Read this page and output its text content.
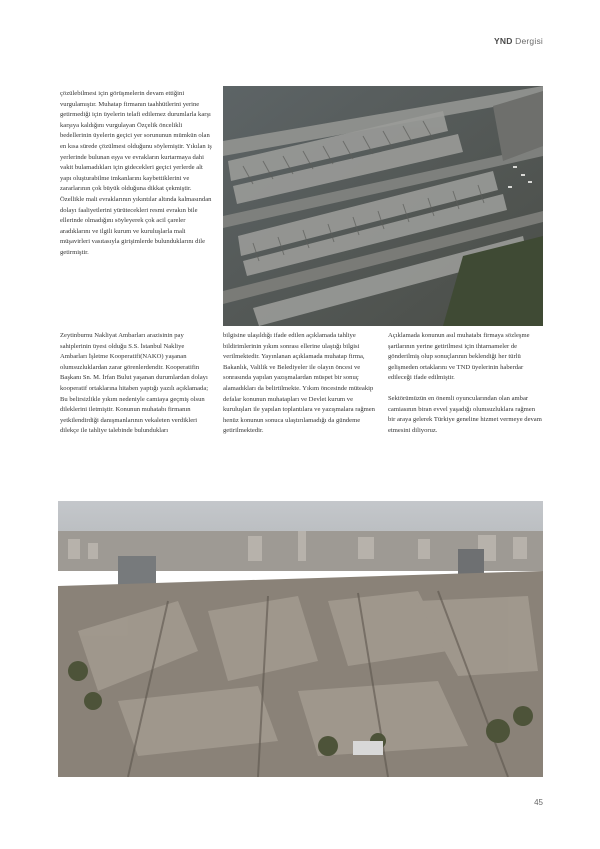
YND Dergisi

çözülebilmesi için görüşmelerin devam ettiğini vurgulamıştır. Muhatap firmanın taahhütlerini yerine getirmediği için üyelerin telafi edilemez durumlarla karşı karşıya kaldığını vurgulayan Özçelik öncelikli bedellerinin üyelerin geçici yer sorununun mümkün olan en kısa sürede çözülmesi olduğunu söylemiştir. Yıkılan iş yerlerinde bulunan eşya ve evrakların kurtarmaya dahi vakit bulamadıkları için gidecekleri geçici yerlerde alt yapı oluşturabilme imkanlarını kaybettiklerini ve zararlarının çok büyük olduğuna dikkat çekmiştir. Özellikle mali evraklarının yıkıntılar altında kalmasından dolayı faaliyetlerini yürütecekleri resmi evrakın bile ellerinde olmadığını söyleyerek çok acil çareler aradıklarını ve ilgili kurum ve kuruluşlarla mali müşavirleri vasıtasıyla girişimlerde bulunduklarını dile getirmiştir.

Zeytinburnu Nakliyat Ambarları arazisinin pay sahiplerinin üyesi olduğu S.S. İstanbul Nakliye Ambarları İşletme Kooperatifi(NAKO) yaşanan olumsuzluklardan zarar görenlerdendir. Kooperatifin Başkanı Sn. M. İrfan Bulut yaşanan durumlardan dolayı kooperatif ortaklarına hitaben yaptığı yazılı açıklamada; Bu belirsizlikle yıkım nedeniyle camiaya geçmiş olsun dileklerini iletmiştir. Konunun muhatabı firmanın yetkilendirdiği danışmanlarının vekaleten verdikleri dilekçe ile tahliye talebinde bulundukları

bilgisine ulaşıldığı ifade edilen açıklamada tahliye bildirimlerinin yıkım sonrası ellerine ulaştığı bilgisi verilmektedir. Yayınlanan açıklamada muhatap firma, Bakanlık, Valilik ve Belediyeler ile olayın öncesi ve sonrasında yapılan yazışmalardan müspet bir sonuç alamadıkları da belirtilmekte. Yıkım öncesinde müteakip defalar konunun muhatapları ve Devlet kurum ve kuruluşları ile yapılan toplantılara ve yazışmalara rağmen henüz konunun sonuca ulaştırılamadığı da gündeme getirilmektedir.

Açıklamada konunun asıl muhatabı firmaya sözleşme şartlarının yerine getirilmesi için ihtarnameler de gönderilmiş olup sonuçlarının beklendiği her türlü gelişmeden ortaklarını ve TND üyelerinin haberdar edileceği ifade edilmiştir.

Sektörümüzün en önemli oyuncularından olan ambar camiasının biran evvel yaşadığı olumsuzluklara rağmen bir araya gelerek Türkiye geneline hizmet vermeye devam etmesini diliyoruz.

45
